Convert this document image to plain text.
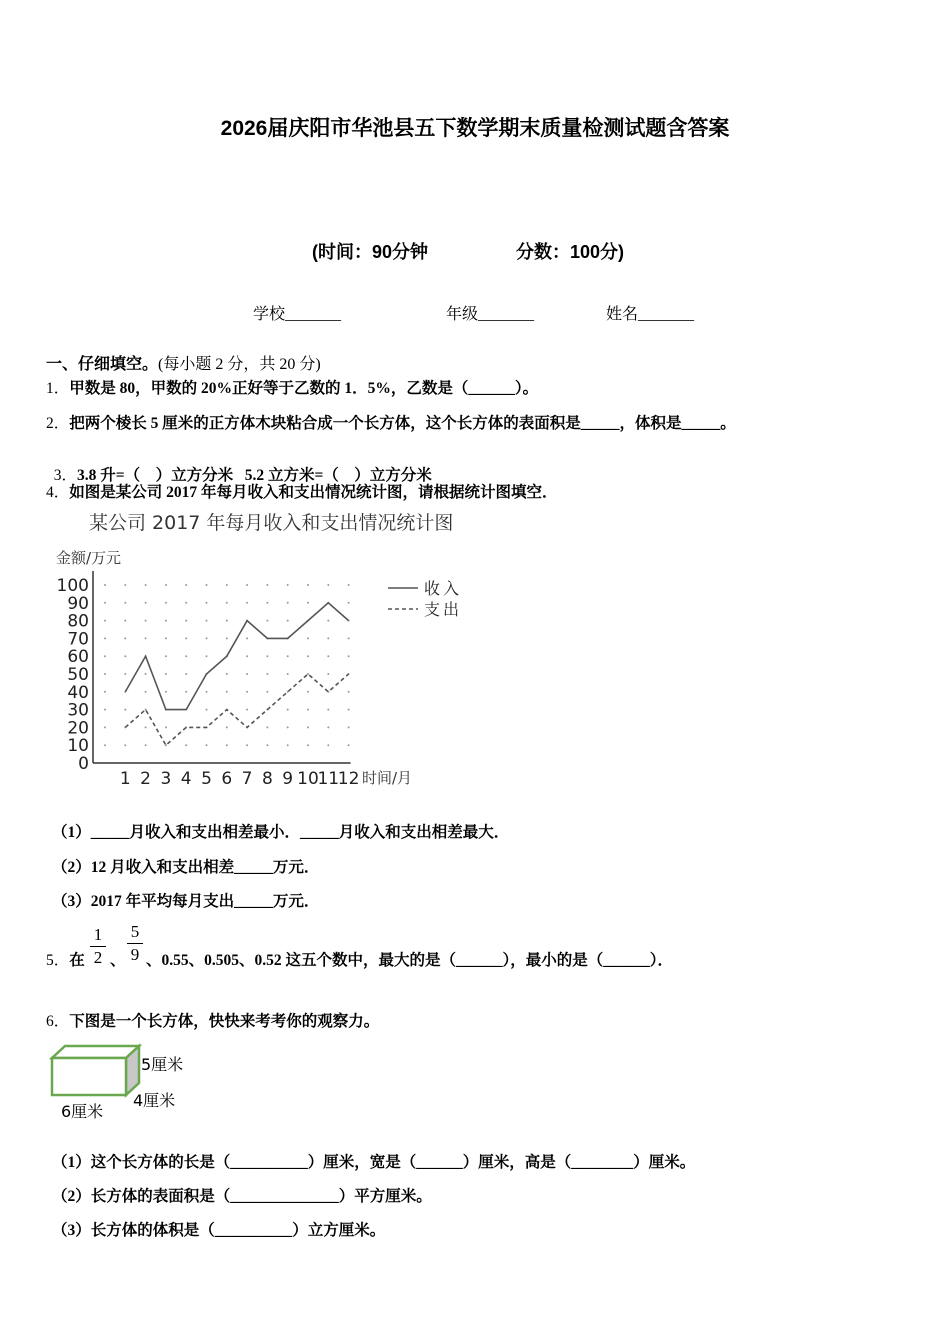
2026届庆阳市华池县五下数学期末质量检测试题含答案
(时间：90分钟	分数：100分)
学校_______	年级_______	姓名_______
一、仔细填空。(每小题 2 分，共 20 分)
1．甲数是 80，甲数的 20%正好等于乙数的 1．5%，乙数是（______）。
2．把两个棱长 5 厘米的正方体木块粘合成一个长方体，这个长方体的表面积是_____，体积是_____。

3．3.8 升=（    ）立方分米   5.2 立方米=（    ）立方分米

4．如图是某公司 2017 年每月收入和支出情况统计图，请根据统计图填空．
某公司 2017 年每月收入和支出情况统计图
金额/万元
时间/月
0
10
20
30
40
50
60
70
80
90
100
1 2 3 4 5 6 7 8 9 10
11
12
收入
支出
（1）_____月收入和支出相差最小．_____月收入和支出相差最大．
（2）12 月收入和支出相差_____万元．
（3）2017 年平均每月支出_____万元．
5．在
1
2 、
5
9 、0.55、0.505、0.52 这五个数中，最大的是（______），最小的是（______）．
6．下图是一个长方体，快快来考考你的观察力。
5厘米
4厘米
6厘米
（1）这个长方体的长是（__________）厘米，宽是（______）厘米，高是（________）厘米。
（2）长方体的表面积是（______________）平方厘米。
（3）长方体的体积是（__________）立方厘米。
